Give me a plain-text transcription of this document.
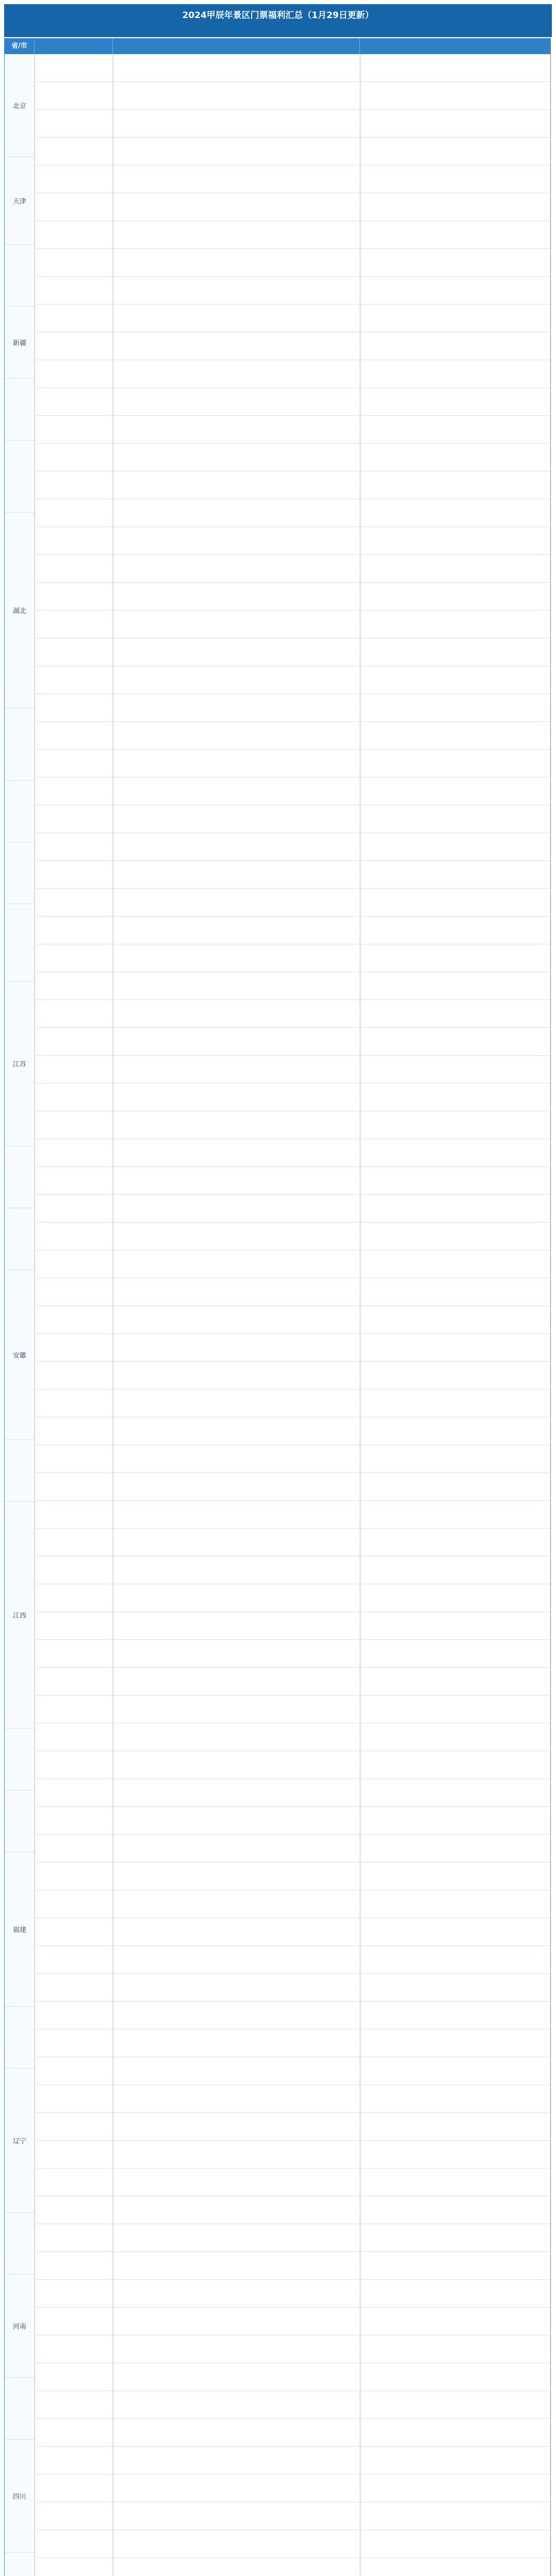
2024甲辰年景区门票福利汇总（1月29日更新）
省/市
北京
天津
新疆
湖北
江苏
安徽
江西
福建
辽宁
河南
四川
